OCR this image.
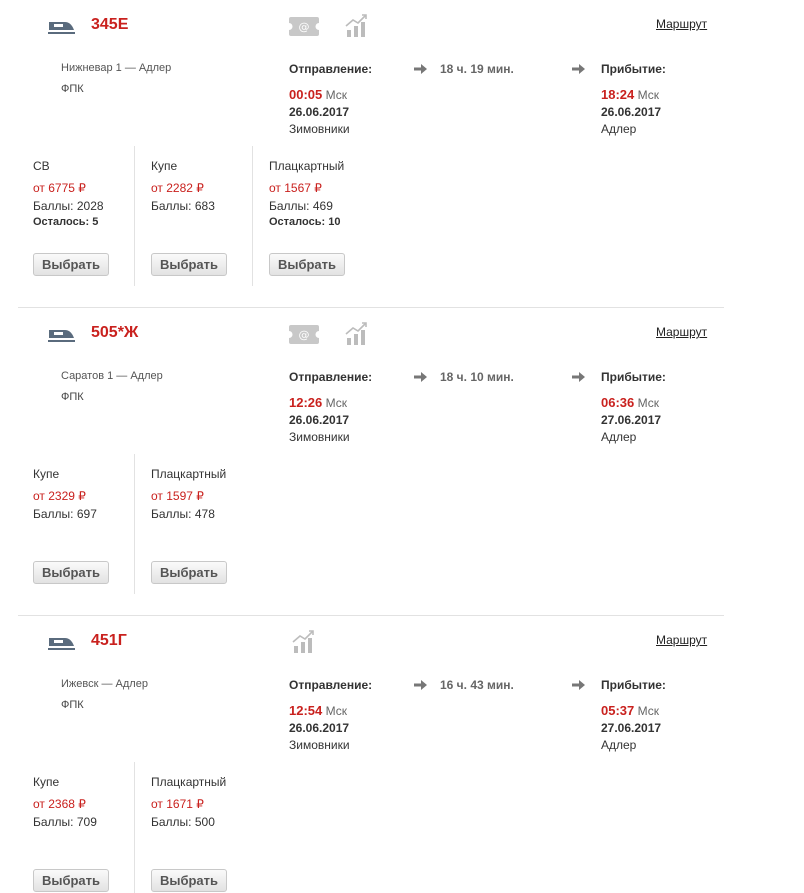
345Е	@	Маршрут
Нижневар 1 — Адлер
ФПК
Отправление:	18 ч. 19 мин.	Прибытие:
00:05 Мск
26.06.2017
Зимовники
18:24 Мск
26.06.2017
Адлер
СВ
от 6775 ₽
Баллы: 2028
Осталось: 5
Выбрать
Купе
от 2282 ₽
Баллы: 683
Выбрать
Плацкартный
от 1567 ₽
Баллы: 469
Осталось: 10
Выбрать
505*Ж	@	Маршрут
Саратов 1 — Адлер
ФПК
Отправление:	18 ч. 10 мин.	Прибытие:
12:26 Мск
26.06.2017
Зимовники
06:36 Мск
27.06.2017
Адлер
Купе
от 2329 ₽
Баллы: 697
Выбрать
Плацкартный
от 1597 ₽
Баллы: 478
Выбрать
451Г	Маршрут
Ижевск — Адлер
ФПК
Отправление:	16 ч. 43 мин.	Прибытие:
12:54 Мск
26.06.2017
Зимовники
05:37 Мск
27.06.2017
Адлер
Купе
от 2368 ₽
Баллы: 709
Выбрать
Плацкартный
от 1671 ₽
Баллы: 500
Выбрать
